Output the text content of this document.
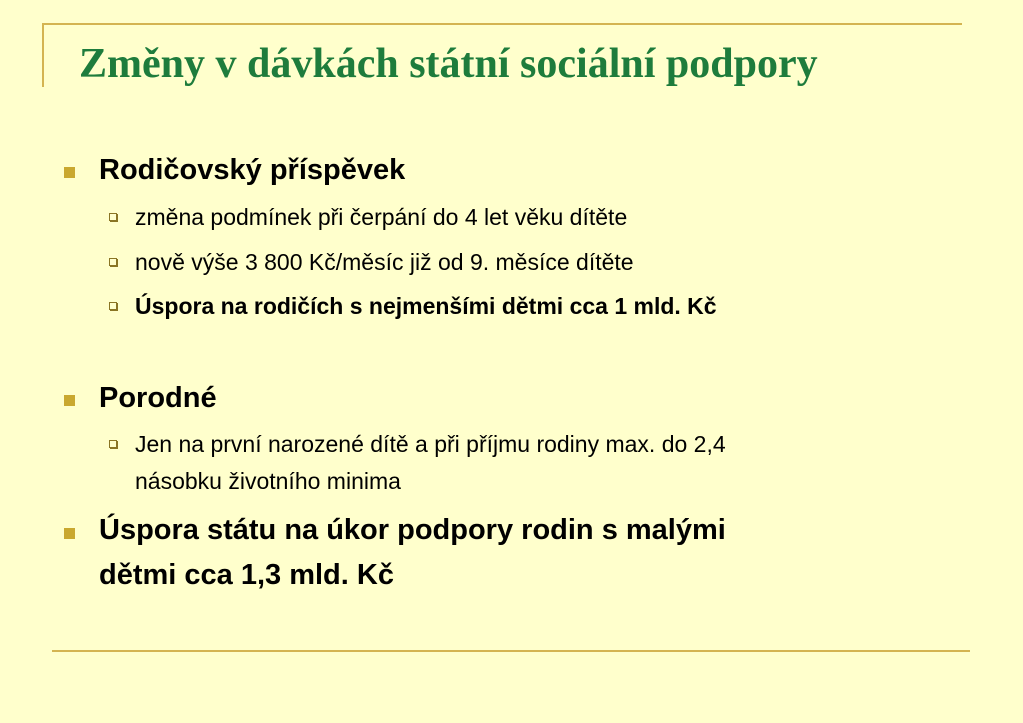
Změny v dávkách státní sociální podpory
Rodičovský příspěvek
změna podmínek při čerpání do 4 let věku dítěte
nově výše 3 800 Kč/měsíc již od 9. měsíce dítěte
Úspora na rodičích s nejmenšími dětmi cca 1 mld. Kč
Porodné
Jen na první narozené dítě a při příjmu rodiny max. do 2,4
násobku životního minima
Úspora státu na úkor podpory rodin s malými
dětmi cca 1,3 mld. Kč
